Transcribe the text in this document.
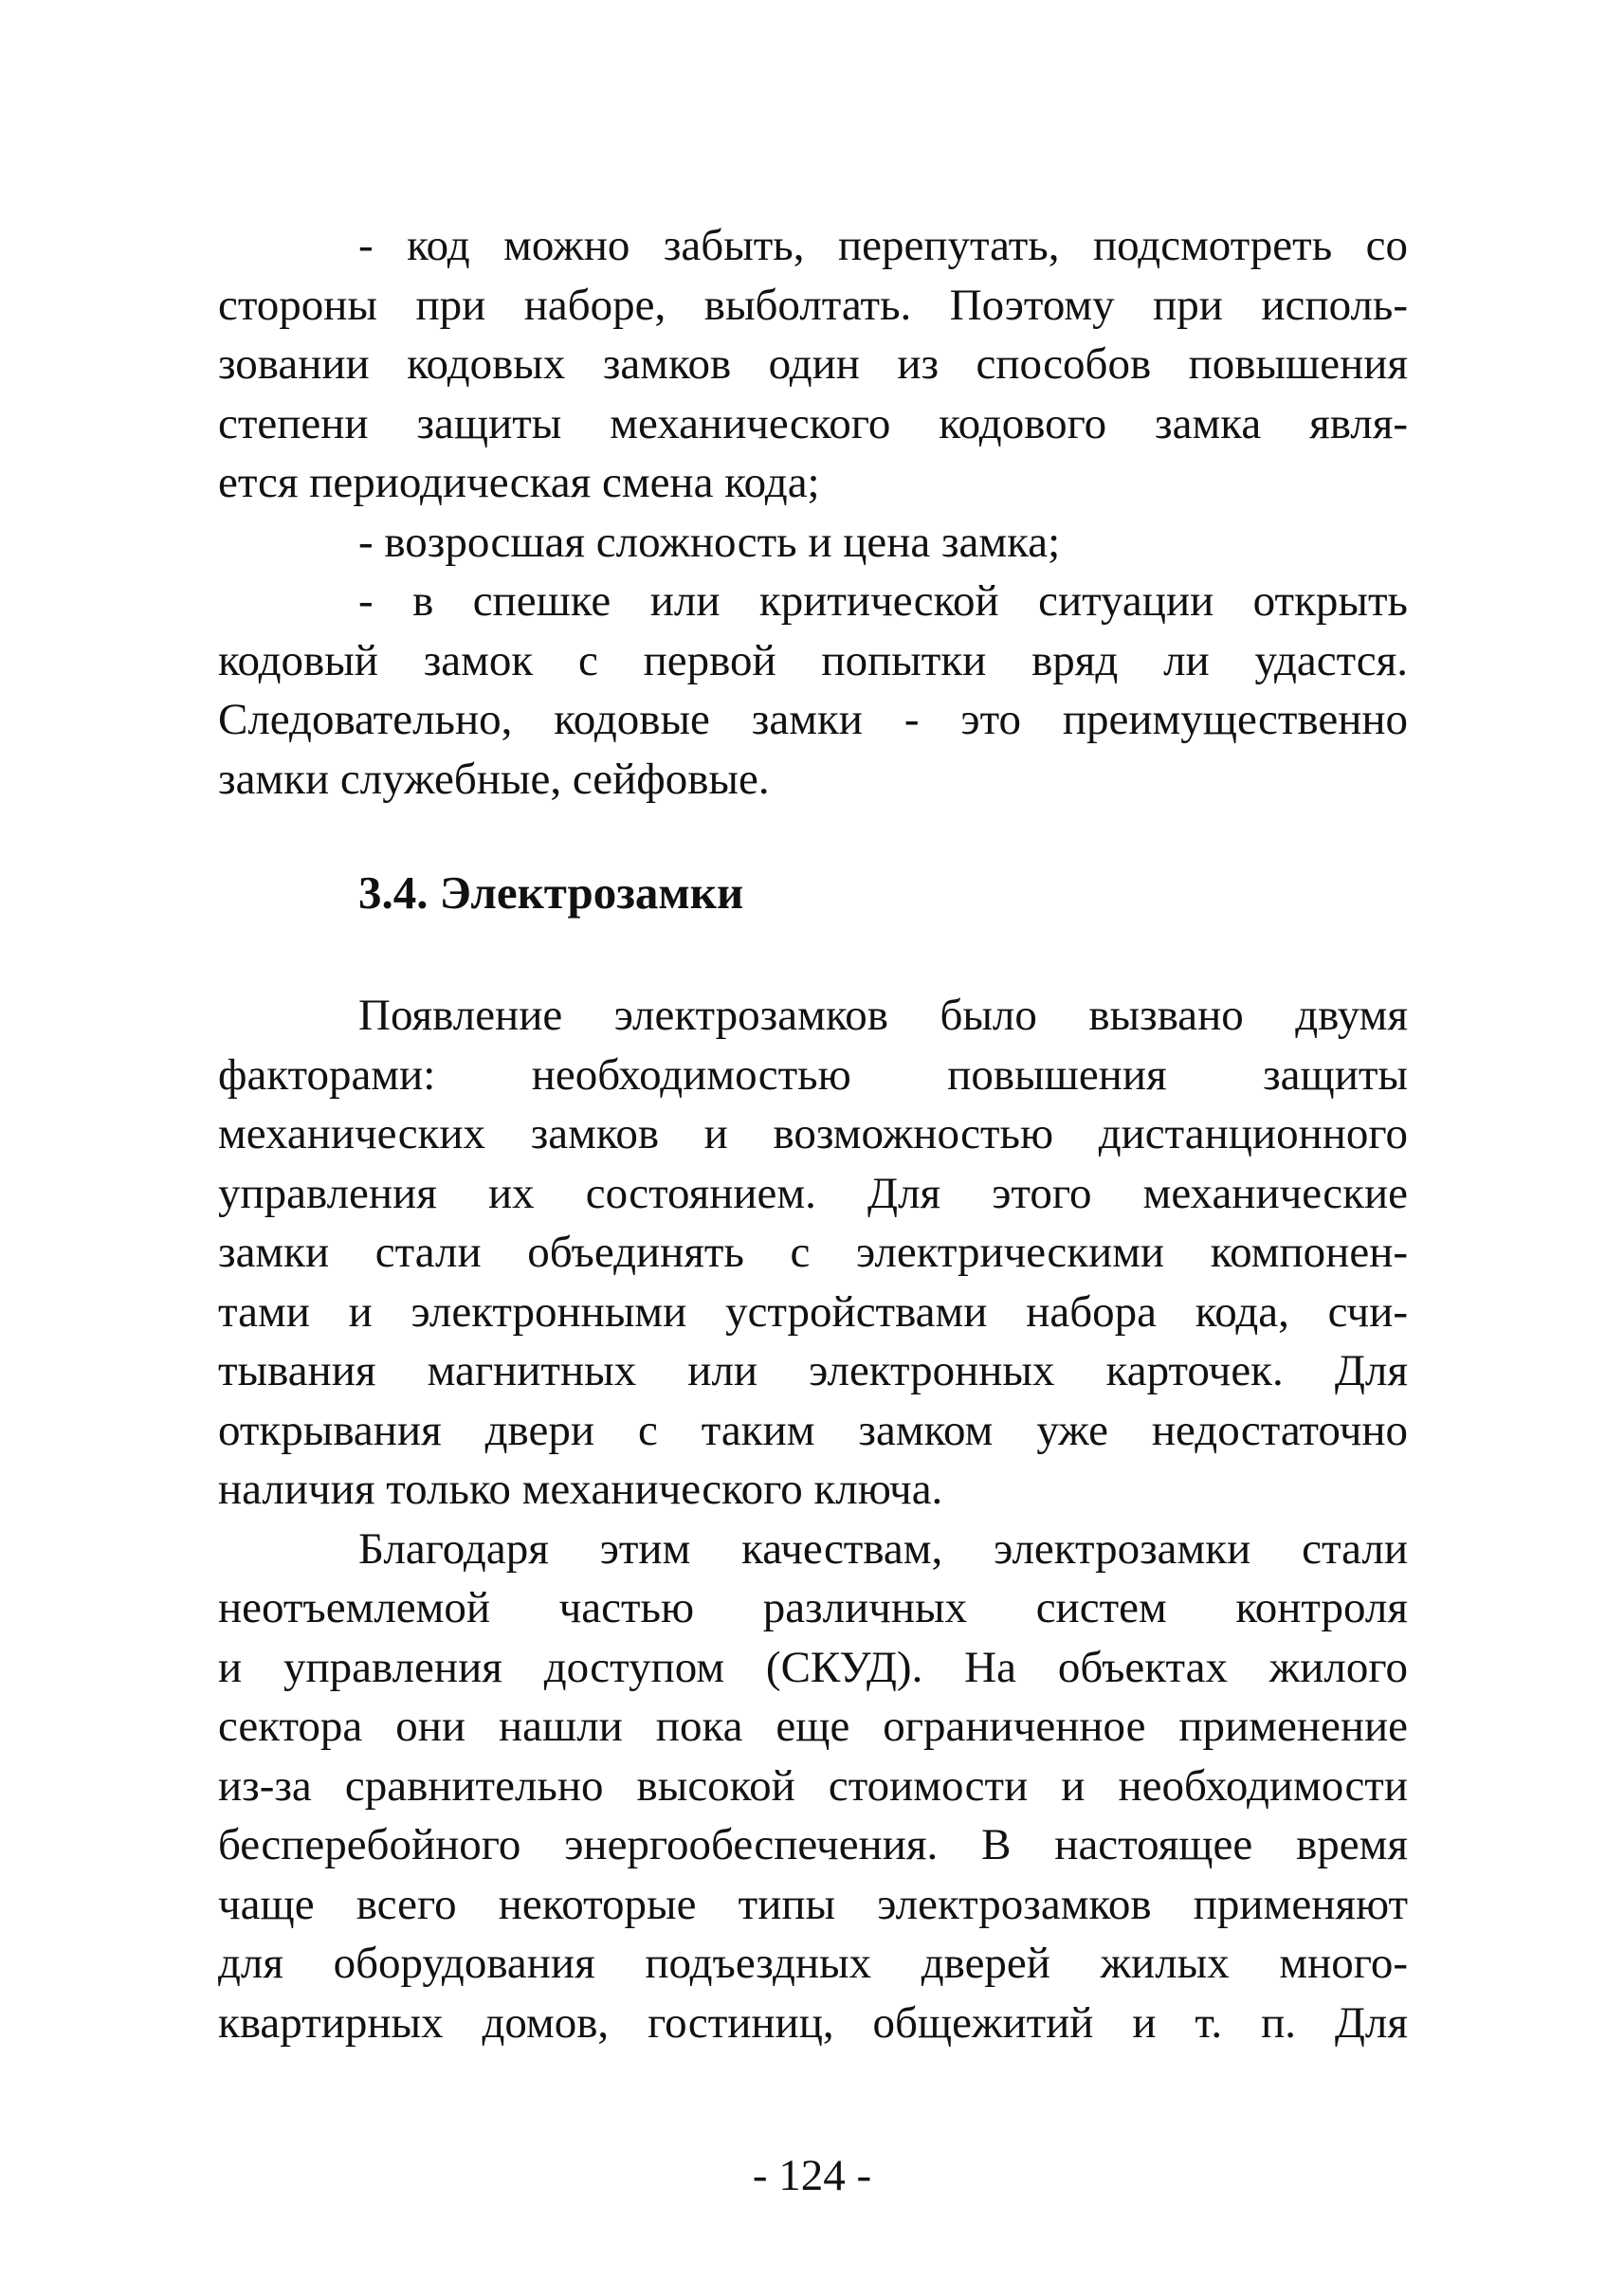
- код можно забыть, перепутать, подсмотреть со
стороны при наборе, выболтать. Поэтому при исполь-
зовании кодовых замков один из способов повышения
степени защиты механического кодового замка явля-
ется периодическая смена кода;
- возросшая сложность и цена замка;
- в спешке или критической ситуации открыть
кодовый замок с первой попытки вряд ли удастся.
Следовательно, кодовые замки - это преимущественно
замки служебные, сейфовые.
3.4. Электрозамки
Появление электрозамков было вызвано двумя
факторами: необходимостью повышения защиты
механических замков и возможностью дистанционного
управления их состоянием. Для этого механические
замки стали объединять с электрическими компонен-
тами и электронными устройствами набора кода, счи-
тывания магнитных или электронных карточек. Для
открывания двери с таким замком уже недостаточно
наличия только механического ключа.
Благодаря этим качествам, электрозамки стали
неотъемлемой частью различных систем контроля
и управления доступом (СКУД). На объектах жилого
сектора они нашли пока еще ограниченное применение
из-за сравнительно высокой стоимости и необходимости
бесперебойного энергообеспечения. В настоящее время
чаще всего некоторые типы электрозамков применяют
для оборудования подъездных дверей жилых много-
квартирных домов, гостиниц, общежитий и т. п. Для
- 124 -
